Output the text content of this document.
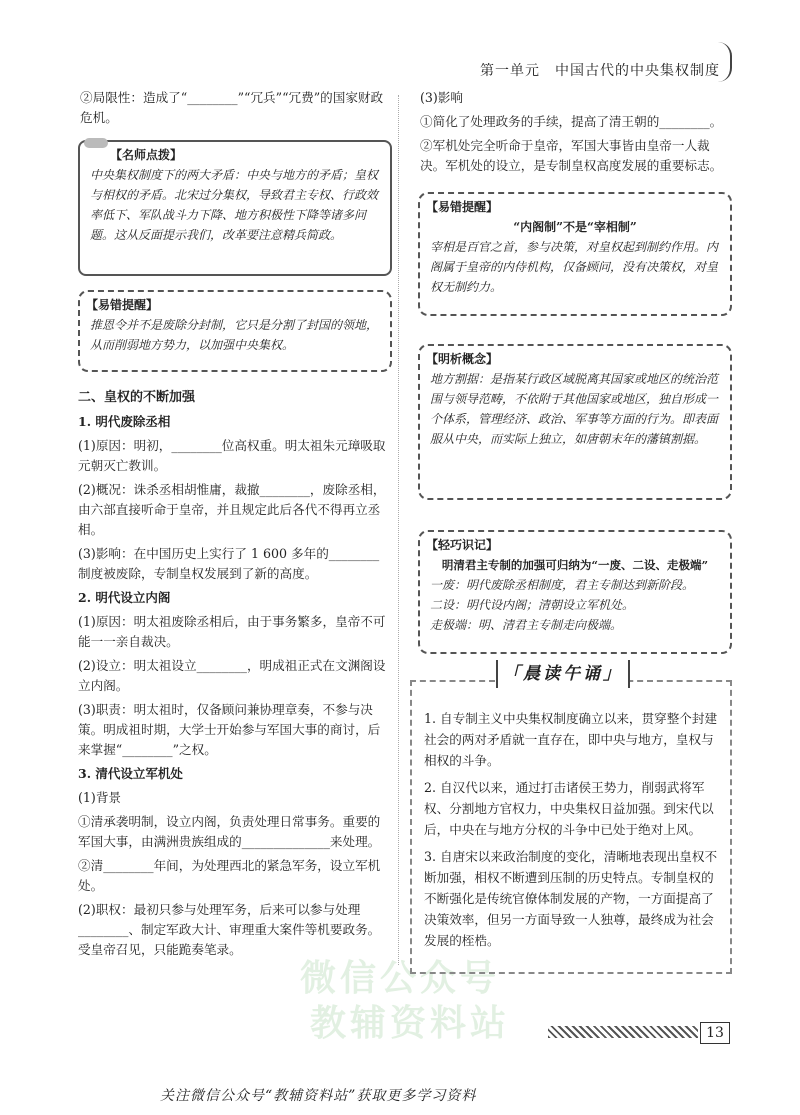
第一单元　中国古代的中央集权制度
微信公众号
教辅资料站

②局限性：造成了“________”“冗兵”“冗费”的国家财政危机。

【名师点拨】

中央集权制度下的两大矛盾：中央与地方的矛盾；皇权与相权的矛盾。北宋过分集权，导致君主专权、行政效率低下、军队战斗力下降、地方积极性下降等诸多问题。这从反面提示我们，改革要注意精兵简政。

【易错提醒】

推恩令并不是废除分封制，它只是分割了封国的领地，从而削弱地方势力，以加强中央集权。

二、皇权的不断加强
1. 明代废除丞相

(1)原因：明初，________位高权重。明太祖朱元璋吸取元朝灭亡教训。

(2)概况：诛杀丞相胡惟庸，裁撤________，废除丞相，由六部直接听命于皇帝，并且规定此后各代不得再立丞相。

(3)影响：在中国历史上实行了 1 600 多年的________制度被废除，专制皇权发展到了新的高度。

2. 明代设立内阁

(1)原因：明太祖废除丞相后，由于事务繁多，皇帝不可能一一亲自裁决。

(2)设立：明太祖设立________，明成祖正式在文渊阁设立内阁。

(3)职责：明太祖时，仅备顾问兼协理章奏，不参与决策。明成祖时期，大学士开始参与军国大事的商讨，后来掌握“________”之权。

3. 清代设立军机处

(1)背景

①清承袭明制，设立内阁，负责处理日常事务。重要的军国大事，由满洲贵族组成的______________来处理。

②清________年间，为处理西北的紧急军务，设立军机处。

(2)职权：最初只参与处理军务，后来可以参与处理________、制定军政大计、审理重大案件等机要政务。受皇帝召见，只能跪奏笔录。

(3)影响

①简化了处理政务的手续，提高了清王朝的________。

②军机处完全听命于皇帝，军国大事皆由皇帝一人裁决。军机处的设立，是专制皇权高度发展的重要标志。

【易错提醒】

“内阁制”不是“宰相制”

宰相是百官之首，参与决策，对皇权起到制约作用。内阁属于皇帝的内侍机构，仅备顾问，没有决策权，对皇权无制约力。

【明析概念】

地方割据：是指某行政区域脱离其国家或地区的统治范围与领导范畴，不依附于其他国家或地区，独自形成一个体系，管理经济、政治、军事等方面的行为。即表面服从中央，而实际上独立，如唐朝末年的藩镇割据。

【轻巧识记】

明清君主专制的加强可归纳为“一废、二设、走极端”

一废：明代废除丞相制度，君主专制达到新阶段。

二设：明代设内阁；清朝设立军机处。

走极端：明、清君主专制走向极端。

1. 自专制主义中央集权制度确立以来，贯穿整个封建社会的两对矛盾就一直存在，即中央与地方，皇权与相权的斗争。

2. 自汉代以来，通过打击诸侯王势力，削弱武将军权、分割地方官权力，中央集权日益加强。到宋代以后，中央在与地方分权的斗争中已处于绝对上风。

3. 自唐宋以来政治制度的变化，清晰地表现出皇权不断加强，相权不断遭到压制的历史特点。专制皇权的不断强化是传统官僚体制发展的产物，一方面提高了决策效率，但另一方面导致一人独尊，最终成为社会发展的桎梏。

「晨读午诵」
13
关注微信公众号“教辅资料站”获取更多学习资料
